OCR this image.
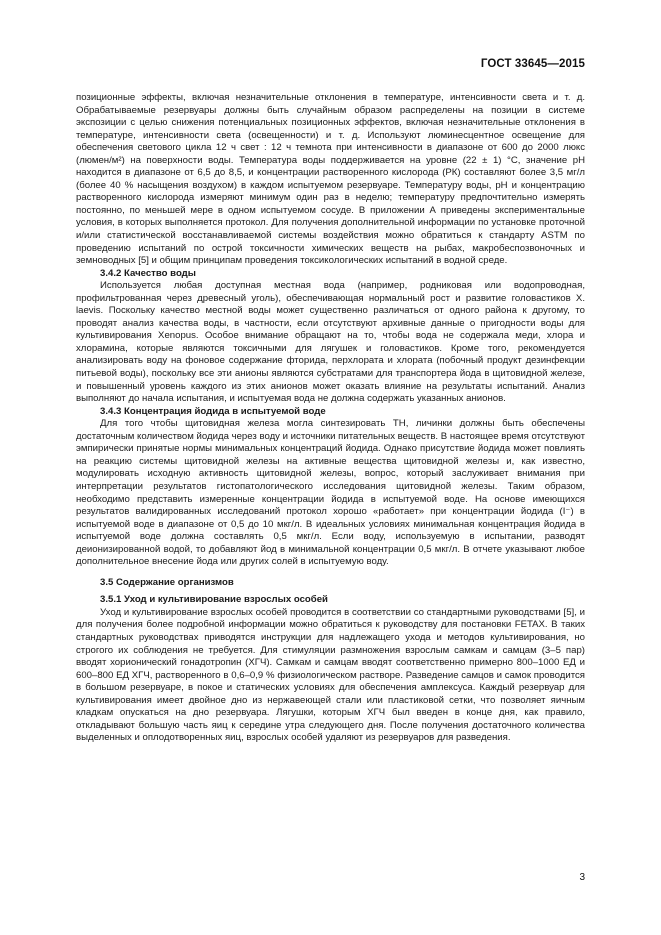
ГОСТ 33645—2015

позиционные эффекты, включая незначительные отклонения в температуре, интенсивности света и т. д. Обрабатываемые резервуары должны быть случайным образом распределены на позиции в системе экспозиции с целью снижения потенциальных позиционных эффектов, включая незначительные отклонения в температуре, интенсивности света (освещенности) и т. д. Используют люминесцентное освещение для обеспечения светового цикла 12 ч свет : 12 ч темнота при интенсивности в диапазоне от 600 до 2000 люкс (люмен/м²) на поверхности воды. Температура воды поддерживается на уровне (22 ± 1) °C, значение pH находится в диапазоне от 6,5 до 8,5, и концентрации растворенного кислорода (РК) составляют более 3,5 мг/л (более 40 % насыщения воздухом) в каждом испытуемом резервуаре. Температуру воды, pH и концентрацию растворенного кислорода измеряют минимум один раз в неделю; температуру предпочтительно измерять постоянно, по меньшей мере в одном испытуемом сосуде. В приложении А приведены экспериментальные условия, в которых выполняется протокол. Для получения дополнительной информации по установке проточной и/или статистической восстанавливаемой системы воздействия можно обратиться к стандарту ASTM по проведению испытаний по острой токсичности химических веществ на рыбах, макробеспозвоночных и земноводных [5] и общим принципам проведения токсикологических испытаний в водной среде.

3.4.2 Качество воды

Используется любая доступная местная вода (например, родниковая или водопроводная, профильтрованная через древесный уголь), обеспечивающая нормальный рост и развитие головастиков X. laevis. Поскольку качество местной воды может существенно различаться от одного района к другому, то проводят анализ качества воды, в частности, если отсутствуют архивные данные о пригодности воды для культивирования Xenopus. Особое внимание обращают на то, чтобы вода не содержала меди, хлора и хлорамина, которые являются токсичными для лягушек и головастиков. Кроме того, рекомендуется анализировать воду на фоновое содержание фторида, перхлората и хлората (побочный продукт дезинфекции питьевой воды), поскольку все эти анионы являются субстратами для транспортера йода в щитовидной железе, и повышенный уровень каждого из этих анионов может оказать влияние на результаты испытаний. Анализ выполняют до начала испытания, и испытуемая вода не должна содержать указанных анионов.

3.4.3 Концентрация йодида в испытуемой воде

Для того чтобы щитовидная железа могла синтезировать TH, личинки должны быть обеспечены достаточным количеством йодида через воду и источники питательных веществ. В настоящее время отсутствуют эмпирически принятые нормы минимальных концентраций йодида. Однако присутствие йодида может повлиять на реакцию системы щитовидной железы на активные вещества щитовидной железы и, как известно, модулировать исходную активность щитовидной железы, вопрос, который заслуживает внимания при интерпретации результатов гистопатологического исследования щитовидной железы. Таким образом, необходимо представить измеренные концентрации йодида в испытуемой воде. На основе имеющихся результатов валидированных исследований протокол хорошо «работает» при концентрации йодида (I⁻) в испытуемой воде в диапазоне от 0,5 до 10 мкг/л. В идеальных условиях минимальная концентрация йодида в испытуемой воде должна составлять 0,5 мкг/л. Если воду, используемую в испытании, разводят деионизированной водой, то добавляют йод в минимальной концентрации 0,5 мкг/л. В отчете указывают любое дополнительное внесение йода или других солей в испытуемую воду.

3.5 Содержание организмов
3.5.1 Уход и культивирование взрослых особей

Уход и культивирование взрослых особей проводится в соответствии со стандартными руководствами [5], и для получения более подробной информации можно обратиться к руководству для постановки FETAX. В таких стандартных руководствах приводятся инструкции для надлежащего ухода и методов культивирования, но строгого их соблюдения не требуется. Для стимуляции размножения взрослым самкам и самцам (3–5 пар) вводят хорионический гонадотропин (ХГЧ). Самкам и самцам вводят соответственно примерно 800–1000 ЕД и 600–800 ЕД ХГЧ, растворенного в 0,6–0,9 % физиологическом растворе. Разведение самцов и самок проводится в большом резервуаре, в покое и статических условиях для обеспечения амплексуса. Каждый резервуар для культивирования имеет двойное дно из нержавеющей стали или пластиковой сетки, что позволяет яичным кладкам опускаться на дно резервуара. Лягушки, которым ХГЧ был введен в конце дня, как правило, откладывают большую часть яиц к середине утра следующего дня. После получения достаточного количества выделенных и оплодотворенных яиц, взрослых особей удаляют из резервуаров для разведения.

3
